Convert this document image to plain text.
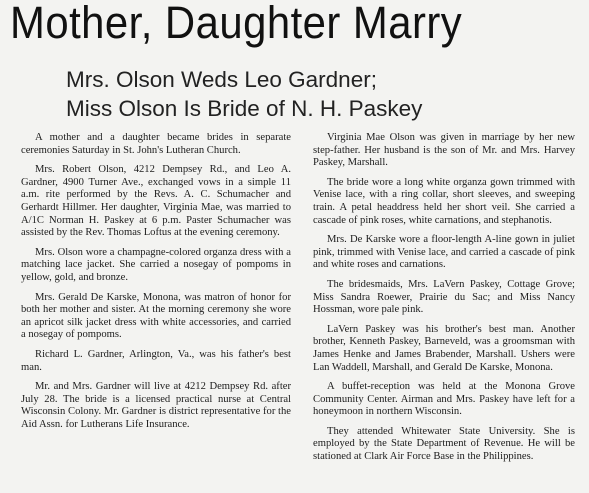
Mother, Daughter Marry
Mrs. Olson Weds Leo Gardner;
Miss Olson Is Bride of N. H. Paskey

A mother and a daughter became brides in separate ceremonies Saturday in St. John's Lutheran Church.

Mrs. Robert Olson, 4212 Dempsey Rd., and Leo A. Gardner, 4900 Turner Ave., exchanged vows in a simple 11 a.m. rite performed by the Revs. A. C. Schumacher and Gerhardt Hillmer. Her daughter, Virginia Mae, was married to A/1C Norman H. Paskey at 6 p.m. Paster Schumacher was assisted by the Rev. Thomas Loftus at the evening ceremony.

Mrs. Olson wore a champagne-colored organza dress with a matching lace jacket. She carried a nosegay of pompoms in yellow, gold, and bronze.

Mrs. Gerald De Karske, Monona, was matron of honor for both her mother and sister. At the morning ceremony she wore an apricot silk jacket dress with white accessories, and carried a nosegay of pompoms.

Richard L. Gardner, Arlington, Va., was his father's best man.

Mr. and Mrs. Gardner will live at 4212 Dempsey Rd. after July 28. The bride is a licensed practical nurse at Central Wisconsin Colony. Mr. Gardner is district representative for the Aid Assn. for Lutherans Life Insurance.

Virginia Mae Olson was given in marriage by her new step-father. Her husband is the son of Mr. and Mrs. Harvey Paskey, Marshall.

The bride wore a long white organza gown trimmed with Venise lace, with a ring collar, short sleeves, and sweeping train. A petal headdress held her short veil. She carried a cascade of pink roses, white carnations, and stephanotis.

Mrs. De Karske wore a floor-length A-line gown in juliet pink, trimmed with Venise lace, and carried a cascade of pink and white roses and carnations.

The bridesmaids, Mrs. LaVern Paskey, Cottage Grove; Miss Sandra Roewer, Prairie du Sac; and Miss Nancy Hossman, wore pale pink.

LaVern Paskey was his brother's best man. Another brother, Kenneth Paskey, Barneveld, was a groomsman with James Henke and James Brabender, Marshall. Ushers were Lan Waddell, Marshall, and Gerald De Karske, Monona.

A buffet-reception was held at the Monona Grove Community Center. Airman and Mrs. Paskey have left for a honeymoon in northern Wisconsin.

They attended Whitewater State University. She is employed by the State Department of Revenue. He will be stationed at Clark Air Force Base in the Philippines.
